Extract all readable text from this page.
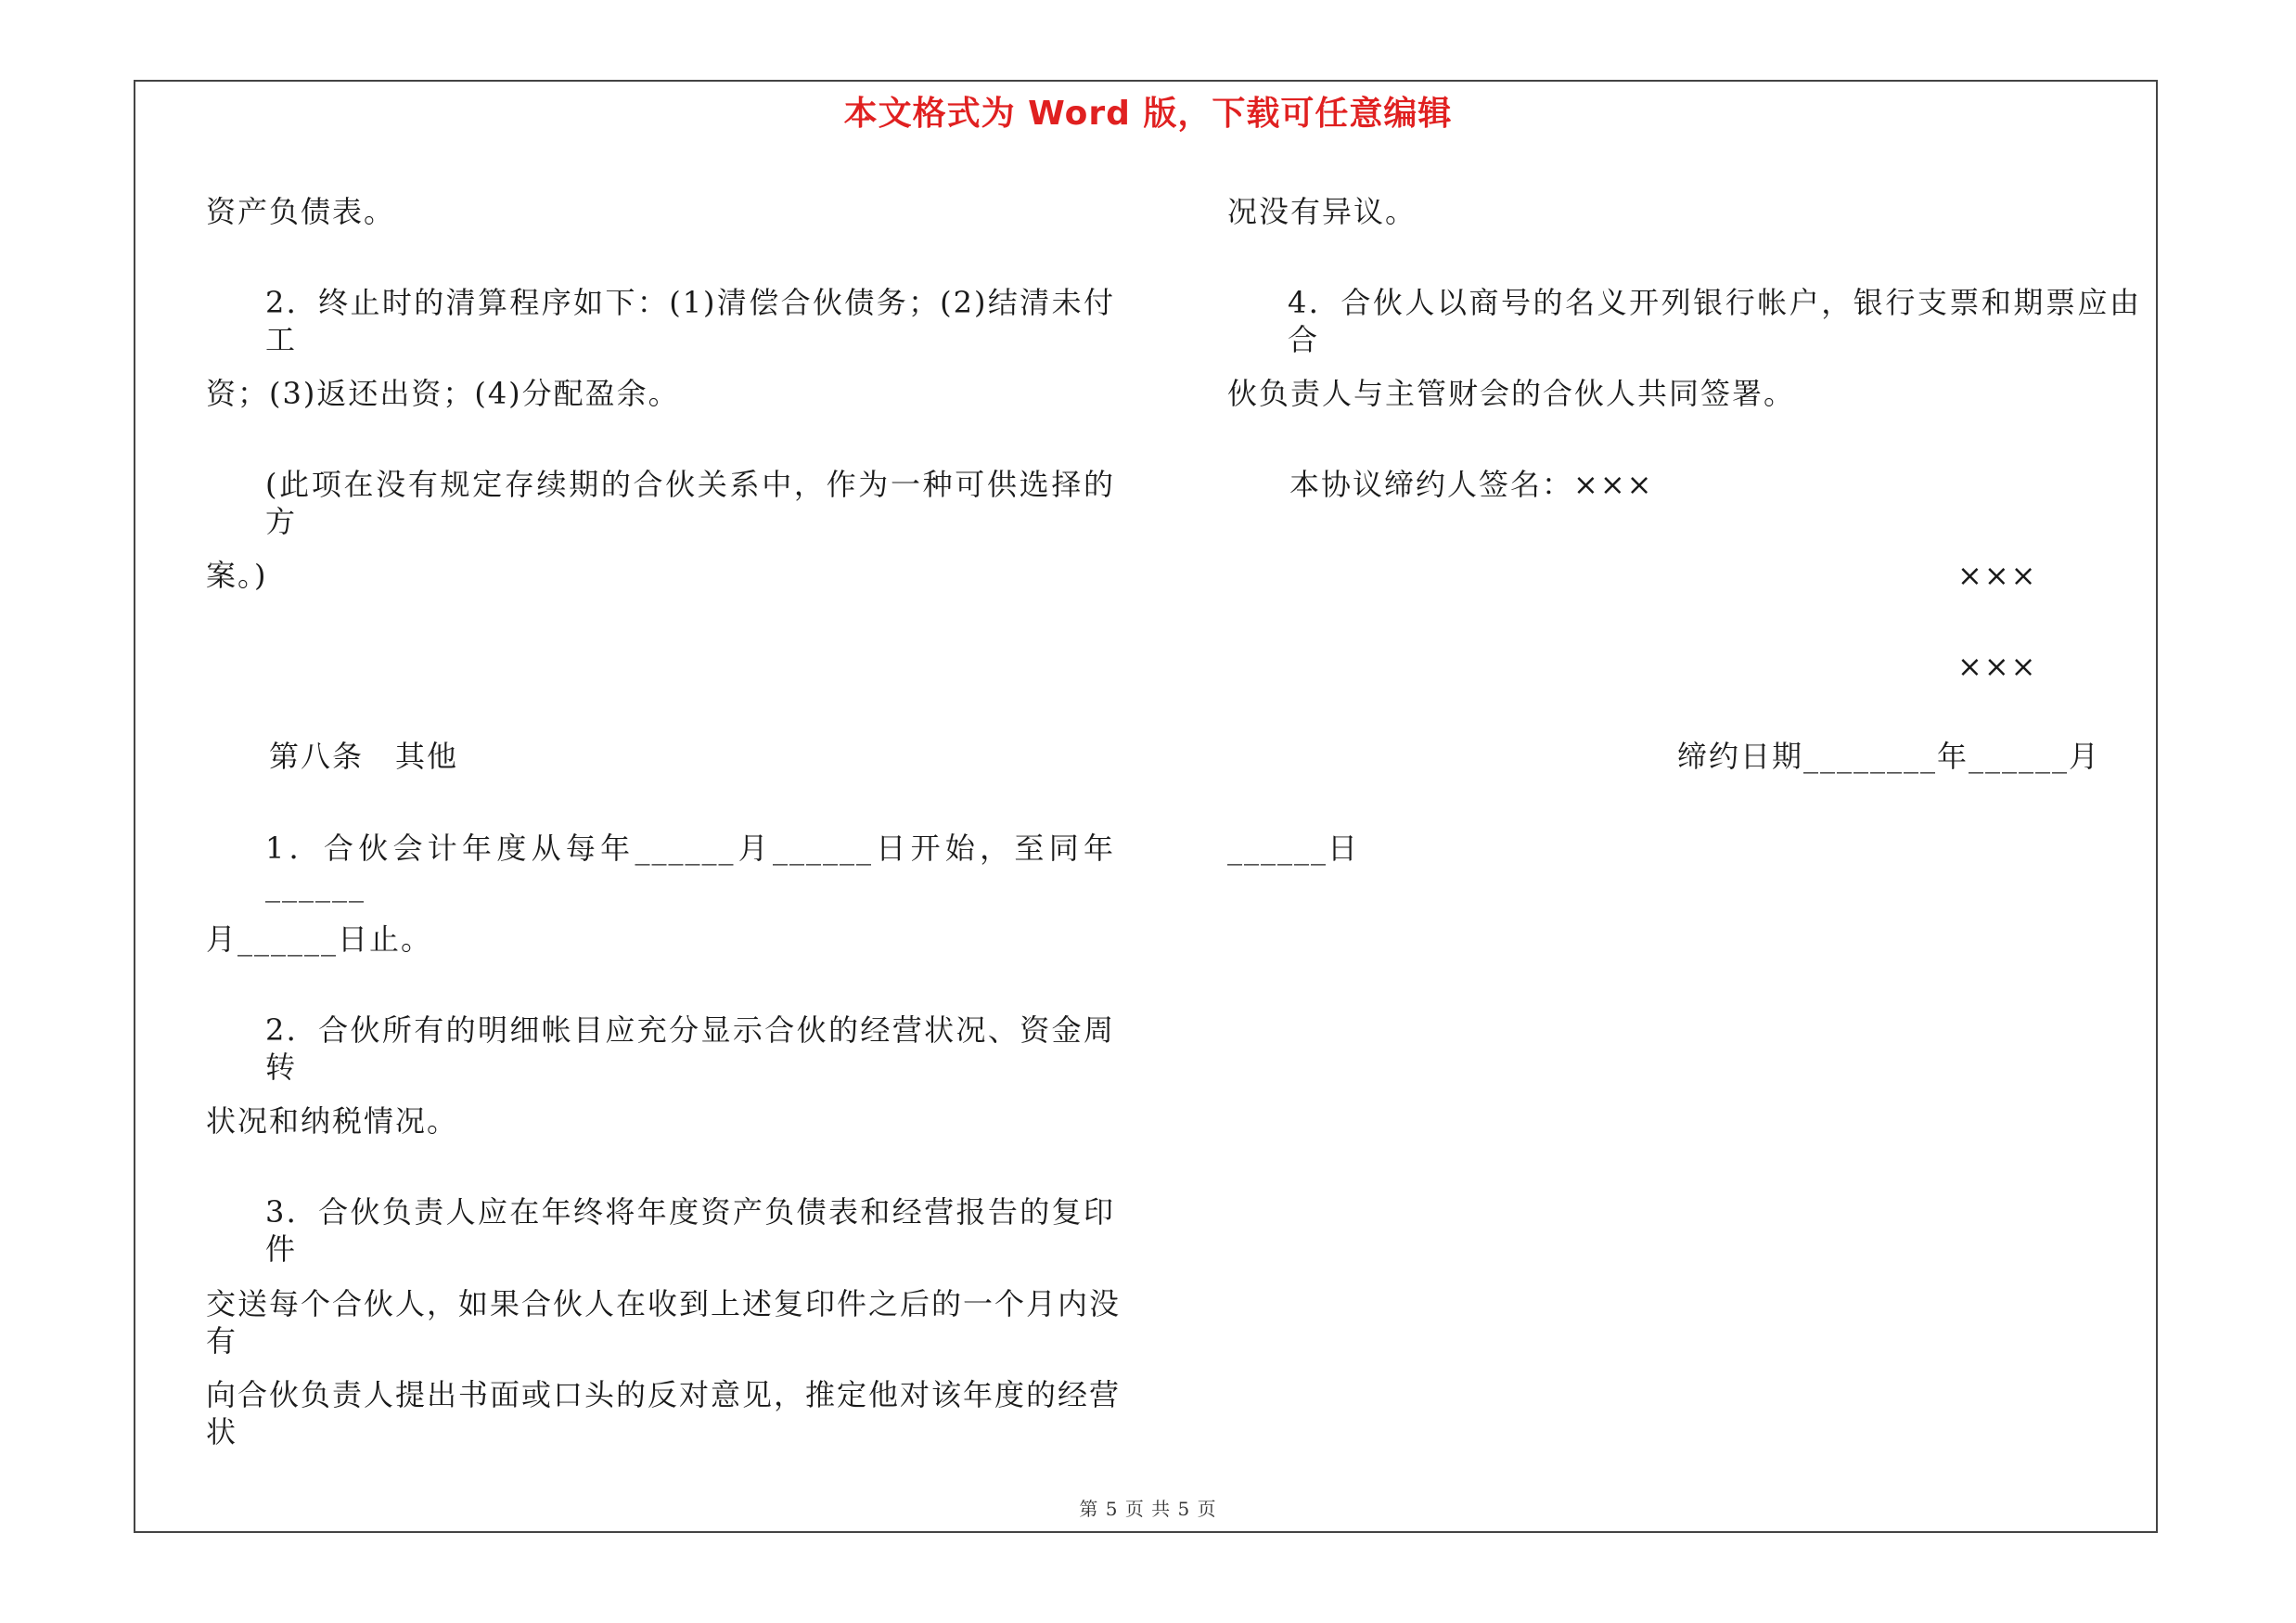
本文格式为 Word 版，下载可任意编辑
资产负债表。
2．终止时的清算程序如下：(1)清偿合伙债务；(2)结清未付工
资；(3)返还出资；(4)分配盈余。
(此项在没有规定存续期的合伙关系中，作为一种可供选择的方
案。)
第八条　其他
1．合伙会计年度从每年______月______日开始，至同年______
月______日止。
2．合伙所有的明细帐目应充分显示合伙的经营状况、资金周转
状况和纳税情况。
3．合伙负责人应在年终将年度资产负债表和经营报告的复印件
交送每个合伙人，如果合伙人在收到上述复印件之后的一个月内没有
向合伙负责人提出书面或口头的反对意见，推定他对该年度的经营状
况没有异议。
4．合伙人以商号的名义开列银行帐户，银行支票和期票应由合
伙负责人与主管财会的合伙人共同签署。
本协议缔约人签名：×××
×××
×××
缔约日期________年______月
______日
第 5 页 共 5 页
